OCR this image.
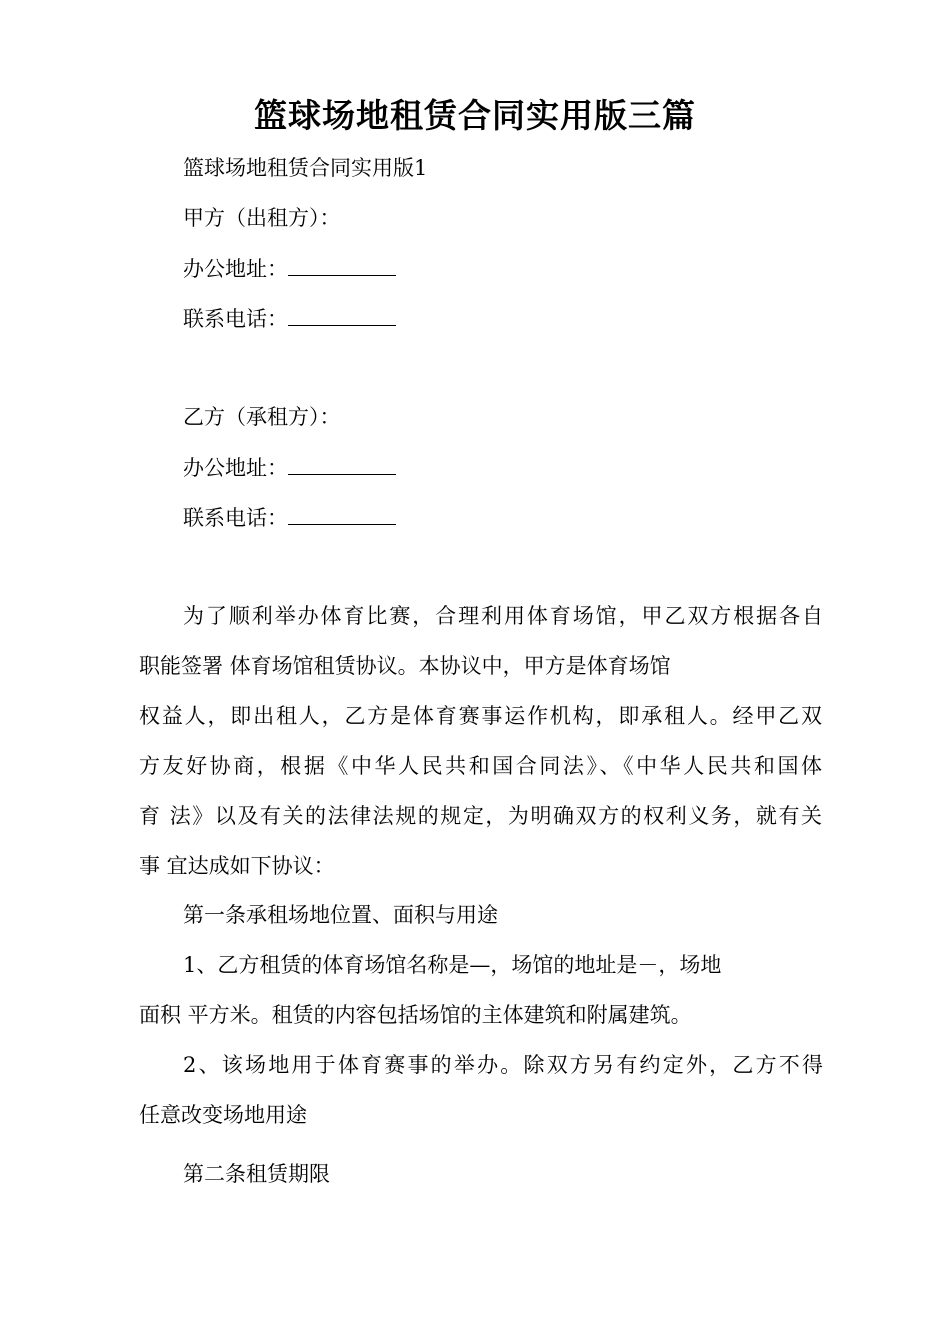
篮球场地租赁合同实用版三篇

篮球场地租赁合同实用版1

甲方（出租方）：

办公地址：

联系电话：

乙方（承租方）：

办公地址：

联系电话：

为了顺利举办体育比赛，合理利用体育场馆，甲乙双方根据各自

职能签署 体育场馆租赁协议。本协议中，甲方是体育场馆

权益人，即出租人，乙方是体育赛事运作机构，即承租人。经甲乙双

方友好协商，根据《中华人民共和国合同法》、《中华人民共和国体

育 法》以及有关的法律法规的规定，为明确双方的权利义务，就有关

事 宜达成如下协议：

第一条承租场地位置、面积与用途

1、乙方租赁的体育场馆名称是—，场馆的地址是－，场地

面积 平方米。租赁的内容包括场馆的主体建筑和附属建筑。

2、该场地用于体育赛事的举办。除双方另有约定外，乙方不得

任意改变场地用途

第二条租赁期限
